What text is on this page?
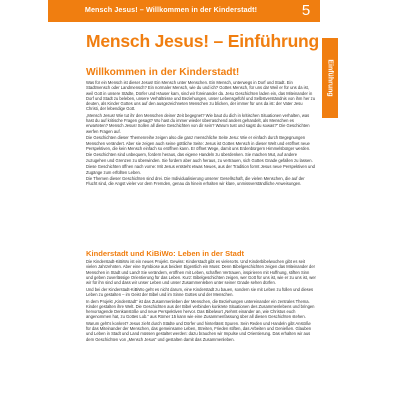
Mensch Jesus! – Willkommen in der Kinderstadt!	5
Einführung
Mensch Jesus! – Einführung
Willkommen in der Kinderstadt!

Was für ein Mensch ist dieser Jesus! Ein Mensch unter Menschen. Ein Mensch, unterwegs in Dorf und Stadt. Ein Stadtmensch oder Landmensch? Ein normaler Mensch, wie du und ich? Gottes Mensch, für uns da! Weil er für uns da ist, weil Gott in unsere Städte, Dörfer und Häuser kam, sind wir füreinander da. Jesu Geschichten laden ein, das Miteinander in Dorf und Stadt zu beleben, unsere Verhältnisse und Beziehungen, unser Lebensgefühl und Selbstverständnis von ihm her zu deuten, als Kinder Gottes uns auf den ausgezeichneten Menschen zu blicken, der immer für uns da ist: der Vater Jesu Christi, der lebendige Gott.

„Mensch Jesus! Wie tut ihr den Menschen deiner Zeit begegnet? Wie baut du dich in kritischen Situationen verhalten, was hast du auf kritische Fragen gesagt? Wo hast du immer wieder überraschend anders gehandelt, als Menschen es erwarteten? Mensch Jesus! Sollen all diese Geschichten von dir sein? Warum tust und sagst du sowas?“ Die Geschichten werfen Fragen auf.

Die Geschichten dieser Themenreihe zeigen also die ganz menschliche Seite Jesu: Wie er einfach durch Begegnungen Menschen verändert. Aber sie zeigen auch seine göttliche Seite: Jesus ist Gottes Mensch in dieser Welt und eröffnet neue Perspektiven, die kein Mensch einfach so eröffnen kann. Er öffnet Wege, damit uns Erdenbürgern Himmelsbürger werden.

Die Geschichten sind unbequem, fordern heraus, das eigene Handeln zu überdenken. Sie machen Mut, auf andere zuzugehen und Grenzen zu überwinden. Sie fordern aber auch heraus, zu vertrauen, sich Gottes Gnade gefallen zu lassen.

Diese Geschichten öffnen nach vorne: Mit Jesus entsteht etwas Neues, aus der Tradition formt Jesus neue Perspektiven und Zugänge zum erfüllten Leben.

Die Themen dieser Geschichten sind drei. Die Individualisierung unserer Gesellschaft, die vielen Menschen, die auf der Flucht sind, die Angst vieler vor dem Fremden, genau da hinein erhalten wir klare, unmissverständliche Anweisungen.

Kinderstadt und KiBiWo: Leben in der Stadt

Die Kinderstadt-KiBiWo ist ein neues Projekt. Gewiss: Kinderstadt gibt es vielerorts. Und Kinderbibelwochen gibt es seit vielen Jahrzehnten. Aber eine Symbiose aus beiden! Eigentlich ein Muss: Denn Bibelgeschichten zeigen das Miteinander der Menschen in Stadt und Land! Sie verändern, eröffnen mit Leben, schaffen Vertrauen, inspirieren mit Hoffnung, stiften Sinn und geben zuverlässige Orientierung für das Leben. Kurz: Bibelgeschichten zeigen, wer Gott für uns ist, wie er zu uns ist, wer wir für ihn sind und dass wir unser Leben und unser Zusammenleben unter seiner Gnade sehen dürfen.

Und bei der Kinderstadt-KiBiWo geht es nicht darum, eine Kinderstadt zu bauen, sondern sie mit Leben zu füllen und dieses Leben zu gestalten – im Geist der Bibel und im Sinne Gottes und der Menschen.

In dem Projekt „Kinderstadt“ ist das Zusammenleben der Menschen, die Beziehungen untereinander ein zentrales Thema. Kinder gestalten ihre Welt. Die Geschichten aus der Bibel verbinden konkrete Situationen des Zusammenlebens und bringen hervorragende Denkanstöße und neue Perspektiven hervor. Das Bibelwort „Nehmt einander an, wie Christus euch angenommen hat, zu Gottes Lob.“ aus Römer 15 kann wie eine Zusammenfassung über all diesen Geschichten stehen.

Warum geht's konkret? Jesus zieht durch Städte und Dörfer und hinterlässt Spuren. Sein Reden und Handeln gibt Anstöße für das Miteinander der Menschen, das gemeinsame Leben, Streiten, Frieden stiften, das Arbeiten und Genießen. Glauben und Leben in Stadt und Land müssen gestaltet werden: dazu brauchen wir Impulse und Orientierung. Das erhalten wir aus dem Geschichten von „Mensch Jesus“ und gestalten damit das Zusammenleben.
